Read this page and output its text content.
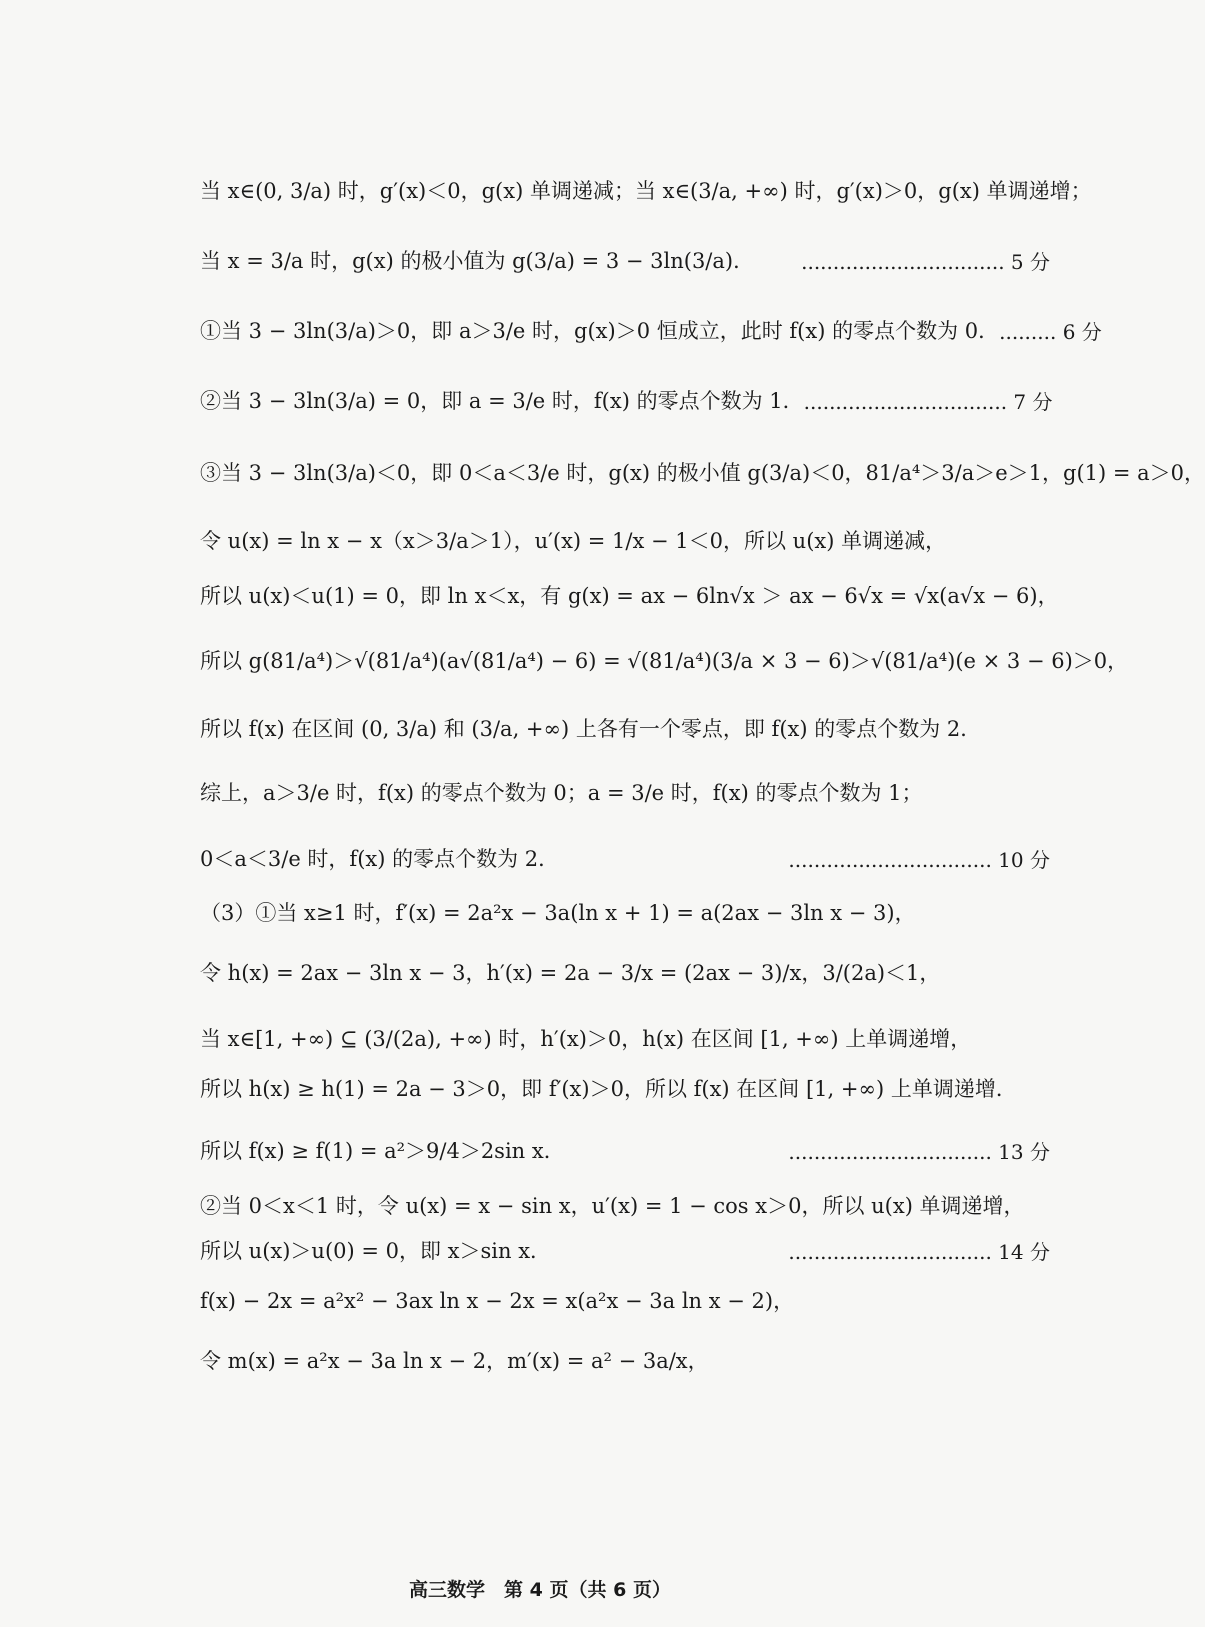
当 x∈(0, 3/a) 时，g′(x)＜0，g(x) 单调递减；当 x∈(3/a, +∞) 时，g′(x)＞0，g(x) 单调递增；
当 x = 3/a 时，g(x) 的极小值为 g(3/a) = 3 − 3ln(3/a)． ................................ 5 分
①当 3 − 3ln(3/a)＞0，即 a＞3/e 时，g(x)＞0 恒成立，此时 f(x) 的零点个数为 0． ......... 6 分
②当 3 − 3ln(3/a) = 0，即 a = 3/e 时，f(x) 的零点个数为 1． ................................ 7 分
③当 3 − 3ln(3/a)＜0，即 0＜a＜3/e 时，g(x) 的极小值 g(3/a)＜0，81/a⁴＞3/a＞e＞1，g(1) = a＞0，
令 u(x) = ln x − x（x＞3/a＞1），u′(x) = 1/x − 1＜0，所以 u(x) 单调递减，
所以 u(x)＜u(1) = 0，即 ln x＜x，有 g(x) = ax − 6ln√x ＞ ax − 6√x = √x(a√x − 6)，
所以 g(81/a⁴)＞√(81/a⁴)(a√(81/a⁴) − 6) = √(81/a⁴)(3/a × 3 − 6)＞√(81/a⁴)(e × 3 − 6)＞0，
所以 f(x) 在区间 (0, 3/a) 和 (3/a, +∞) 上各有一个零点，即 f(x) 的零点个数为 2．
综上，a＞3/e 时，f(x) 的零点个数为 0；a = 3/e 时，f(x) 的零点个数为 1；
0＜a＜3/e 时，f(x) 的零点个数为 2．	................................ 10 分
（3）①当 x≥1 时，f′(x) = 2a²x − 3a(ln x + 1) = a(2ax − 3ln x − 3)，
令 h(x) = 2ax − 3ln x − 3，h′(x) = 2a − 3/x = (2ax − 3)/x，3/(2a)＜1，
当 x∈[1, +∞) ⊆ (3/(2a), +∞) 时，h′(x)＞0，h(x) 在区间 [1, +∞) 上单调递增，
所以 h(x) ≥ h(1) = 2a − 3＞0，即 f′(x)＞0，所以 f(x) 在区间 [1, +∞) 上单调递增．
所以 f(x) ≥ f(1) = a²＞9/4＞2sin x．	................................ 13 分
②当 0＜x＜1 时，令 u(x) = x − sin x，u′(x) = 1 − cos x＞0，所以 u(x) 单调递增，
所以 u(x)＞u(0) = 0，即 x＞sin x．	................................ 14 分
f(x) − 2x = a²x² − 3ax ln x − 2x = x(a²x − 3a ln x − 2)，
令 m(x) = a²x − 3a ln x − 2，m′(x) = a² − 3a/x，
高三数学　第 4 页（共 6 页）
